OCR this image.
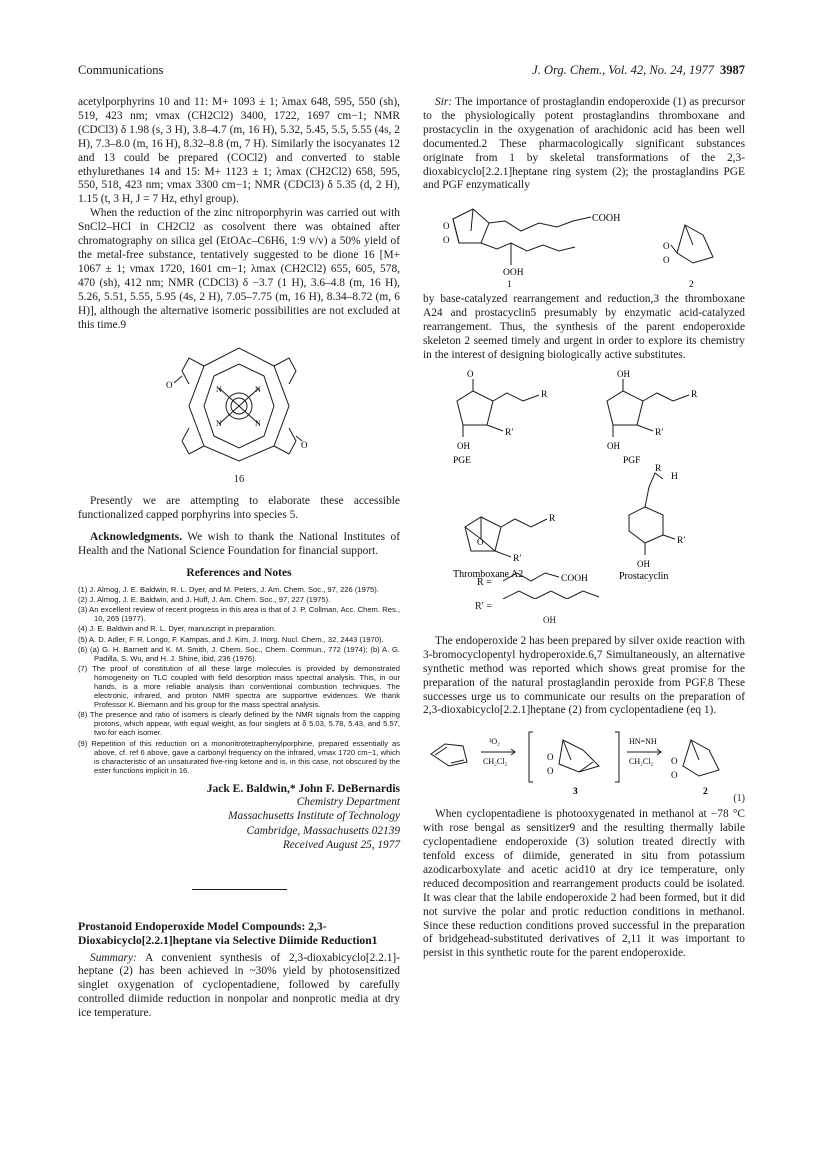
Communications	J. Org. Chem., Vol. 42, No. 24, 1977 3987

acetylporphyrins 10 and 11: M+ 1093 ± 1; λmax 648, 595, 550 (sh), 519, 423 nm; νmax (CH2Cl2) 3400, 1722, 1697 cm−1; NMR (CDCl3) δ 1.98 (s, 3 H), 3.8–4.7 (m, 16 H), 5.32, 5.45, 5.5, 5.55 (4s, 2 H), 7.3–8.0 (m, 16 H), 8.32–8.8 (m, 7 H). Similarly the isocyanates 12 and 13 could be prepared (COCl2) and converted to stable ethylurethanes 14 and 15: M+ 1123 ± 1; λmax (CH2Cl2) 658, 595, 550, 518, 423 nm; νmax 3300 cm−1; NMR (CDCl3) δ 5.35 (d, 2 H), 1.15 (t, 3 H, J = 7 Hz, ethyl group).

When the reduction of the zinc nitroporphyrin was carried out with SnCl2–HCl in CH2Cl2 as cosolvent there was obtained after chromatography on silica gel (EtOAc–C6H6, 1:9 v/v) a 50% yield of the metal-free substance, tentatively suggested to be dione 16 [M+ 1067 ± 1; νmax 1720, 1601 cm−1; λmax (CH2Cl2) 655, 605, 578, 470 (sh), 412 nm; NMR (CDCl3) δ −3.7 (1 H), 3.6–4.8 (m, 16 H), 5.26, 5.51, 5.55, 5.95 (4s, 2 H), 7.05–7.75 (m, 16 H), 8.34–8.72 (m, 6 H)], although the alternative isomeric possibilities are not excluded at this time.9

O
O
N	N
N	N
16

Presently we are attempting to elaborate these accessible functionalized capped porphyrins into species 5.

Acknowledgments. We wish to thank the National Institutes of Health and the National Science Foundation for financial support.

References and Notes
(1) J. Almog, J. E. Baldwin, R. L. Dyer, and M. Peters, J. Am. Chem. Soc., 97, 226 (1975).
(2) J. Almog, J. E. Baldwin, and J. Huff, J. Am. Chem. Soc., 97, 227 (1975).
(3) An excellent review of recent progress in this area is that of J. P. Collman, Acc. Chem. Res., 10, 265 (1977).
(4) J. E. Baldwin and R. L. Dyer, manuscript in preparation.
(5) A. D. Adler, F. R. Longo, F. Kampas, and J. Kim, J. Inorg. Nucl. Chem., 32, 2443 (1970).
(6) (a) G. H. Barnett and K. M. Smith, J. Chem. Soc., Chem. Commun., 772 (1974); (b) A. G. Padilla, S. Wu, and H. J. Shine, ibid, 236 (1976).
(7) The proof of constitution of all these large molecules is provided by demonstrated homogeneity on TLC coupled with field desorption mass spectral analysis. This, in our hands, is a more reliable analysis than conventional combustion techniques. The electronic, infrared, and proton NMR spectra are supportive evidences. We thank Professor K. Biemann and his group for the mass spectral analysis.
(8) The presence and ratio of isomers is clearly defined by the NMR signals from the capping protons, which appear, with equal weight, as four singlets at δ 5.03, 5.78, 5.43, and 5.57, two for each isomer.
(9) Repetition of this reduction on a mononitrotetraphenylporphine, prepared essentially as above, cf. ref 6 above, gave a carbonyl frequency on the infrared, νmax 1720 cm−1, which is characteristic of an unsaturated five-ring ketone and is, in this case, not obscured by the ester functions implicit in 16.
Jack E. Baldwin,* John F. DeBernardis
Chemistry Department
Massachusetts Institute of Technology
Cambridge, Massachusetts 02139
Received August 25, 1977
Prostanoid Endoperoxide Model Compounds: 2,3-Dioxabicyclo[2.2.1]heptane via Selective Diimide Reduction1

Summary: A convenient synthesis of 2,3-dioxabicyclo[2.2.1]-heptane (2) has been achieved in ~30% yield by photosensitized singlet oxygenation of cyclopentadiene, followed by carefully controlled diimide reduction in nonpolar and nonprotic media at dry ice temperature.

Sir: The importance of prostaglandin endoperoxide (1) as precursor to the physiologically potent prostaglandins thromboxane and prostacyclin in the oxygenation of arachidonic acid has been well documented.2 These pharmacologically significant substances originate from 1 by skeletal transformations of the 2,3-dioxabicyclo[2.2.1]heptane ring system (2); the prostaglandins PGE and PGF enzymatically

COOH
O
O
OOH
1
O
O
2

by base-catalyzed rearrangement and reduction,3 the thromboxane A24 and prostacyclin5 presumably by enzymatic acid-catalyzed rearrangement. Thus, the synthesis of the parent endoperoxide skeleton 2 seemed timely and urgent in order to explore its chemistry in the interest of designing biologically active substitutes.

O
R
R′
OH
PGE
OH
R
R′
OH
PGF
R
R′
O
Thromboxane A2
R
H
R′
OH
Prostacyclin
R =	COOH
R′ =
OH

The endoperoxide 2 has been prepared by silver oxide reaction with 3-bromocyclopentyl hydroperoxide.6,7 Simultaneously, an alternative synthetic method was reported which shows great promise for the preparation of the natural prostaglandin peroxide from PGF.8 These successes urge us to communicate our results on the preparation of 2,3-dioxabicyclo[2.2.1]heptane (2) from cyclopentadiene (eq 1).

¹O₂
CH₂Cl₂	O
O
HN=NH
CH₂Cl₂ O
O
3	2
(1)

When cyclopentadiene is photooxygenated in methanol at −78 °C with rose bengal as sensitizer9 and the resulting thermally labile cyclopentadiene endoperoxide (3) solution treated directly with tenfold excess of diimide, generated in situ from potassium azodicarboxylate and acetic acid10 at dry ice temperature, only reduced decomposition and rearrangement products could be isolated. It was clear that the labile endoperoxide 2 had been formed, but it did not survive the polar and protic reduction conditions in methanol. Since these reduction conditions proved successful in the preparation of bridgehead-substituted derivatives of 2,11 it was important to persist in this synthetic route for the parent endoperoxide.
